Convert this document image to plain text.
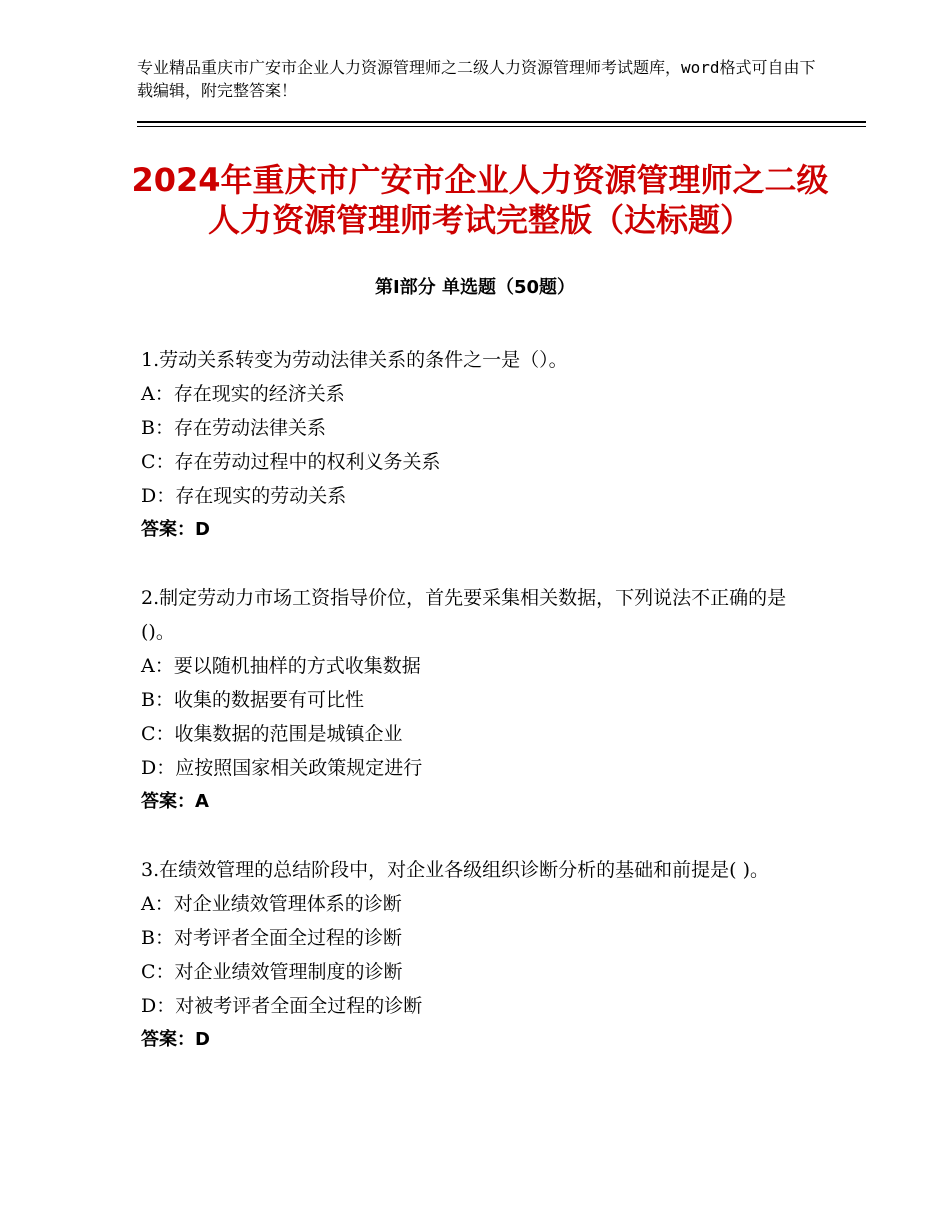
专业精品重庆市广安市企业人力资源管理师之二级人力资源管理师考试题库，word格式可自由下载编辑，附完整答案！
2024年重庆市广安市企业人力资源管理师之二级人力资源管理师考试完整版（达标题）
第Ⅰ部分 单选题（50题）

1.劳动关系转变为劳动法律关系的条件之一是（）。

A：存在现实的经济关系

B：存在劳动法律关系

C：存在劳动过程中的权利义务关系

D：存在现实的劳动关系

答案：D

2.制定劳动力市场工资指导价位，首先要采集相关数据，下列说法不正确的是()。

A：要以随机抽样的方式收集数据

B：收集的数据要有可比性

C：收集数据的范围是城镇企业

D：应按照国家相关政策规定进行

答案：A

3.在绩效管理的总结阶段中，对企业各级组织诊断分析的基础和前提是( )。

A：对企业绩效管理体系的诊断

B：对考评者全面全过程的诊断

C：对企业绩效管理制度的诊断

D：对被考评者全面全过程的诊断

答案：D
